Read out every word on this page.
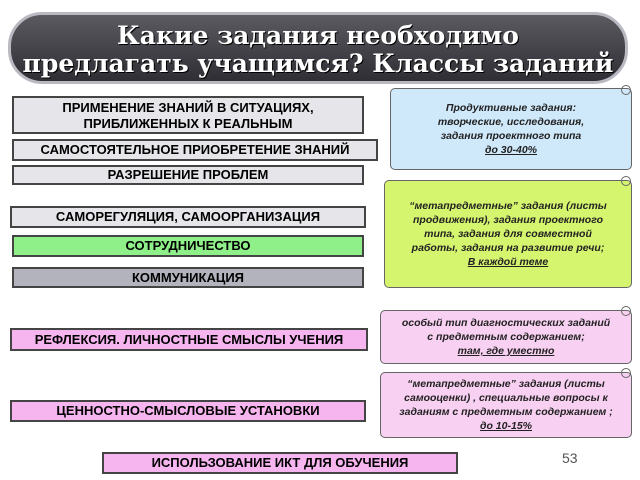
Какие задания необходимо
предлагать учащимся? Классы заданий
ПРИМЕНЕНИЕ ЗНАНИЙ В СИТУАЦИЯХ,
ПРИБЛИЖЕННЫХ К РЕАЛЬНЫМ
САМОСТОЯТЕЛЬНОЕ ПРИОБРЕТЕНИЕ ЗНАНИЙ
РАЗРЕШЕНИЕ ПРОБЛЕМ
САМОРЕГУЛЯЦИЯ, САМООРГАНИЗАЦИЯ
СОТРУДНИЧЕСТВО
КОММУНИКАЦИЯ
РЕФЛЕКСИЯ. ЛИЧНОСТНЫЕ СМЫСЛЫ УЧЕНИЯ
ЦЕННОСТНО-СМЫСЛОВЫЕ УСТАНОВКИ
ИСПОЛЬЗОВАНИЕ ИКТ ДЛЯ ОБУЧЕНИЯ
Продуктивные задания:
творческие, исследования,
задания проектного типа
до 30-40%
“метапредметные” задания (листы
продвижения), задания проектного
типа, задания для совместной
работы, задания на развитие речи;
В каждой теме
особый тип диагностических заданий
с предметным содержанием;
там, где уместно
“метапредметные” задания (листы
самооценки) , специальные вопросы к
заданиям с предметным содержанием ;
до 10-15%
53
